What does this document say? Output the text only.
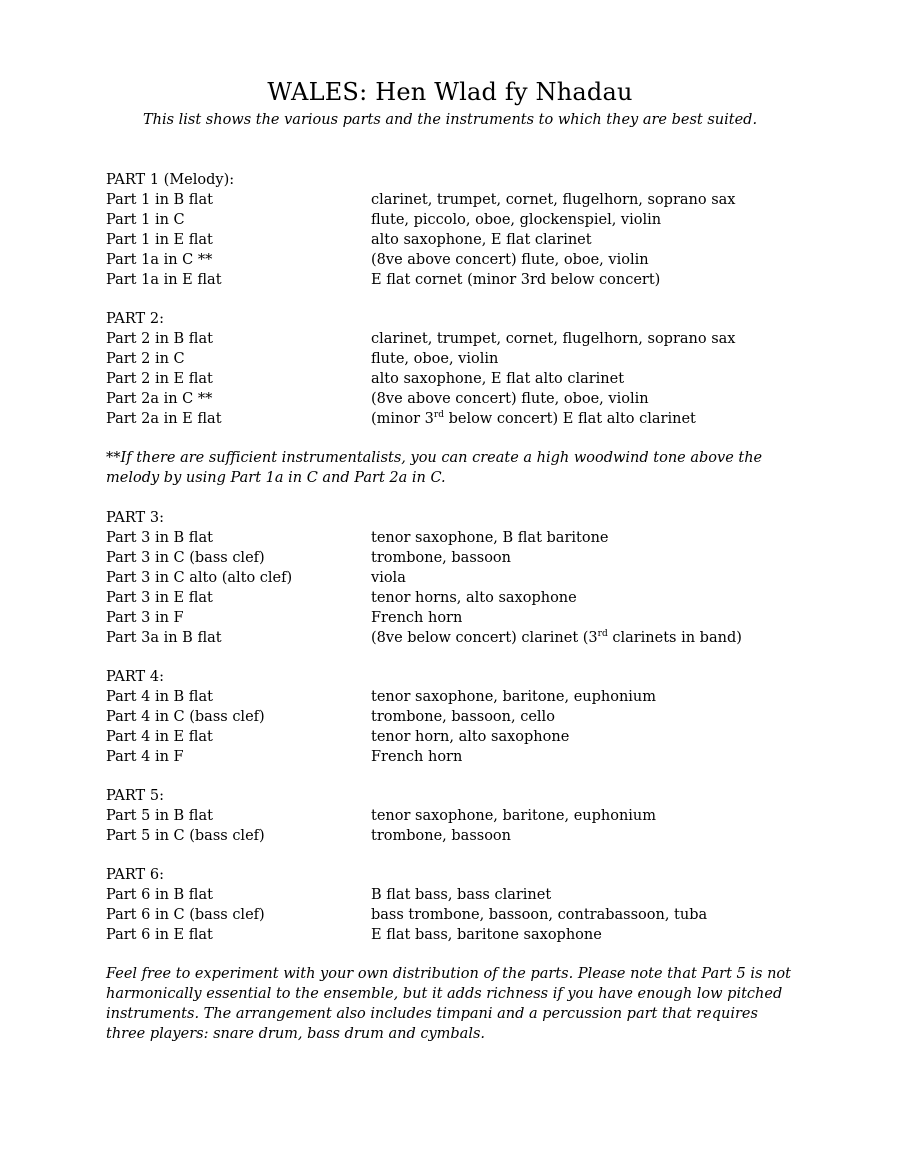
WALES: Hen Wlad fy Nhadau
This list shows the various parts and the instruments to which they are best suited.
PART 1 (Melody):
Part 1 in B flat	clarinet, trumpet, cornet, flugelhorn, soprano sax
Part 1 in C	flute, piccolo, oboe, glockenspiel, violin
Part 1 in E flat	alto saxophone, E flat clarinet
Part 1a in C **	(8ve above concert) flute, oboe, violin
Part 1a in E flat	E flat cornet (minor 3rd below concert)
PART 2:
Part 2 in B flat	clarinet, trumpet, cornet, flugelhorn, soprano sax
Part 2 in C	flute, oboe, violin
Part 2 in E flat	alto saxophone, E flat alto clarinet
Part 2a in C **	(8ve above concert) flute, oboe, violin
Part 2a in E flat	(minor 3rd below concert) E flat alto clarinet
**If there are sufficient instrumentalists, you can create a high woodwind tone above the melody by using Part 1a in C and Part 2a in C.
PART 3:
Part 3 in B flat	tenor saxophone, B flat baritone
Part 3 in C (bass clef)	trombone, bassoon
Part 3 in C alto (alto clef)	viola
Part 3 in E flat	tenor horns, alto saxophone
Part 3 in F	French horn
Part 3a in B flat	(8ve below concert) clarinet (3rd clarinets in band)
PART 4:
Part 4 in B flat	tenor saxophone, baritone, euphonium
Part 4 in C (bass clef)	trombone, bassoon, cello
Part 4 in E flat	tenor horn, alto saxophone
Part 4 in F	French horn
PART 5:
Part 5 in B flat	tenor saxophone, baritone, euphonium
Part 5 in C (bass clef)	trombone, bassoon
PART 6:
Part 6 in B flat	B flat bass, bass clarinet
Part 6 in C (bass clef)	bass trombone, bassoon, contrabassoon, tuba
Part 6 in E flat	E flat bass, baritone saxophone
Feel free to experiment with your own distribution of the parts. Please note that Part 5 is not harmonically essential to the ensemble, but it adds richness if you have enough low pitched instruments. The arrangement also includes timpani and a percussion part that requires three players: snare drum, bass drum and cymbals.
